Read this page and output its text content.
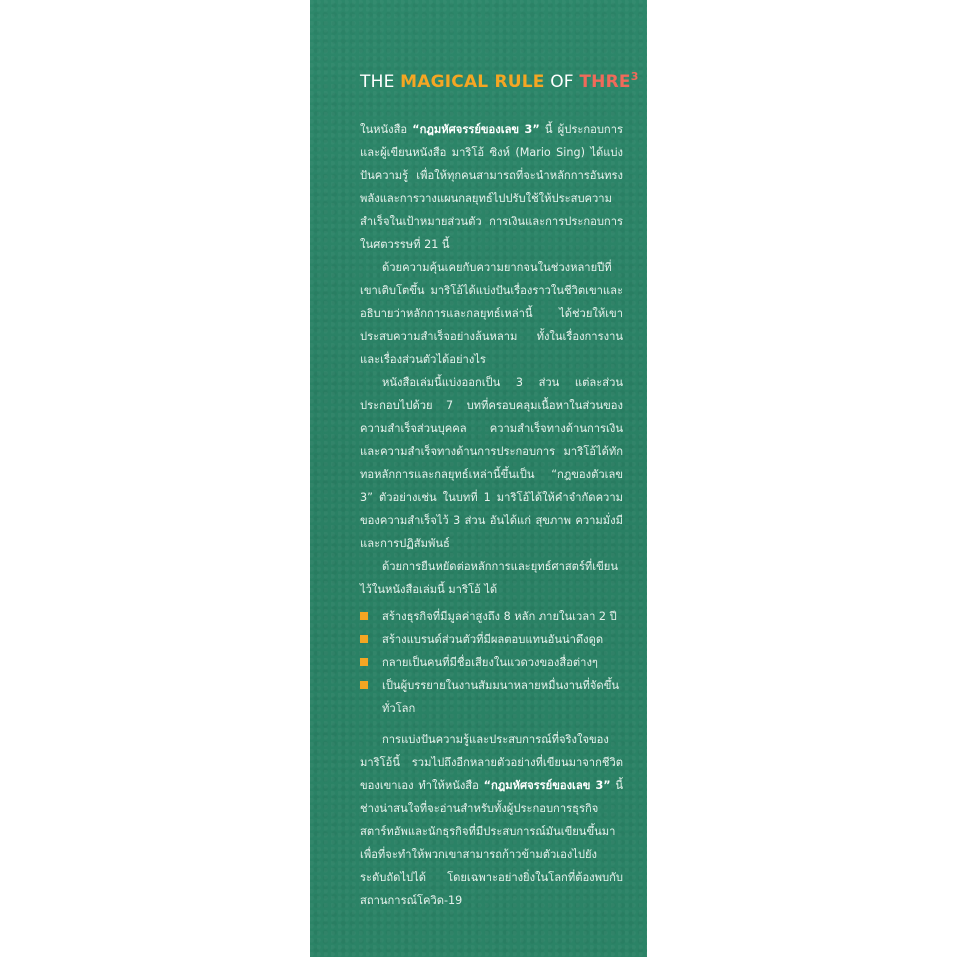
THE MAGICAL RULE OF THRE$^3$

ในหนังสือ “กฎมหัศจรรย์ของเลข 3” นี้ ผู้ประกอบการและผู้เขียนหนังสือ มาริโอ้ ซิงห์ (Mario Sing) ได้แบ่งปันความรู้ เพื่อให้ทุกคนสามารถที่จะนำหลักการอันทรงพลังและการวางแผนกลยุทธ์ไปปรับใช้ให้ประสบความสำเร็จในเป้าหมายส่วนตัว การเงินและการประกอบการในศตวรรษที่ 21 นี้

ด้วยความคุ้นเคยกับความยากจนในช่วงหลายปีที่เขาเติบโตขึ้น มาริโอ้ได้แบ่งปันเรื่องราวในชีวิตเขาและอธิบายว่าหลักการและกลยุทธ์เหล่านี้ ได้ช่วยให้เขาประสบความสำเร็จอย่างล้นหลาม ทั้งในเรื่องการงานและเรื่องส่วนตัวได้อย่างไร

หนังสือเล่มนี้แบ่งออกเป็น 3 ส่วน แต่ละส่วนประกอบไปด้วย 7 บทที่ครอบคลุมเนื้อหาในส่วนของความสำเร็จส่วนบุคคล ความสำเร็จทางด้านการเงินและความสำเร็จทางด้านการประกอบการ มาริโอ้ได้ทักทอหลักการและกลยุทธ์เหล่านี้ขึ้นเป็น “กฎของตัวเลข 3” ตัวอย่างเช่น ในบทที่ 1 มาริโอ้ได้ให้คำจำกัดความของความสำเร็จไว้ 3 ส่วน อันได้แก่ สุขภาพ ความมั่งมี และการปฏิสัมพันธ์

ด้วยการยืนหยัดต่อหลักการและยุทธ์ศาสตร์ที่เขียนไว้ในหนังสือเล่มนี้ มาริโอ้ ได้

สร้างธุรกิจที่มีมูลค่าสูงถึง 8 หลัก ภายในเวลา 2 ปี
สร้างแบรนด์ส่วนตัวที่มีผลตอบแทนอันน่าดึงดูด
กลายเป็นคนที่มีชื่อเสียงในแวดวงของสื่อต่างๆ
เป็นผู้บรรยายในงานสัมมนาหลายหมื่นงานที่จัดขึ้นทั่วโลก

การแบ่งปันความรู้และประสบการณ์ที่จริงใจของมาริโอ้นี้ รวมไปถึงอีกหลายตัวอย่างที่เขียนมาจากชีวิตของเขาเอง ทำให้หนังสือ “กฎมหัศจรรย์ของเลข 3” นี้ ช่างน่าสนใจที่จะอ่านสำหรับทั้งผู้ประกอบการธุรกิจสตาร์ทอัพและนักธุรกิจที่มีประสบการณ์มันเขียนขึ้นมาเพื่อที่จะทำให้พวกเขาสามารถก้าวข้ามตัวเองไปยังระดับถัดไปได้ โดยเฉพาะอย่างยิ่งในโลกที่ต้องพบกับสถานการณ์โควิด-19
